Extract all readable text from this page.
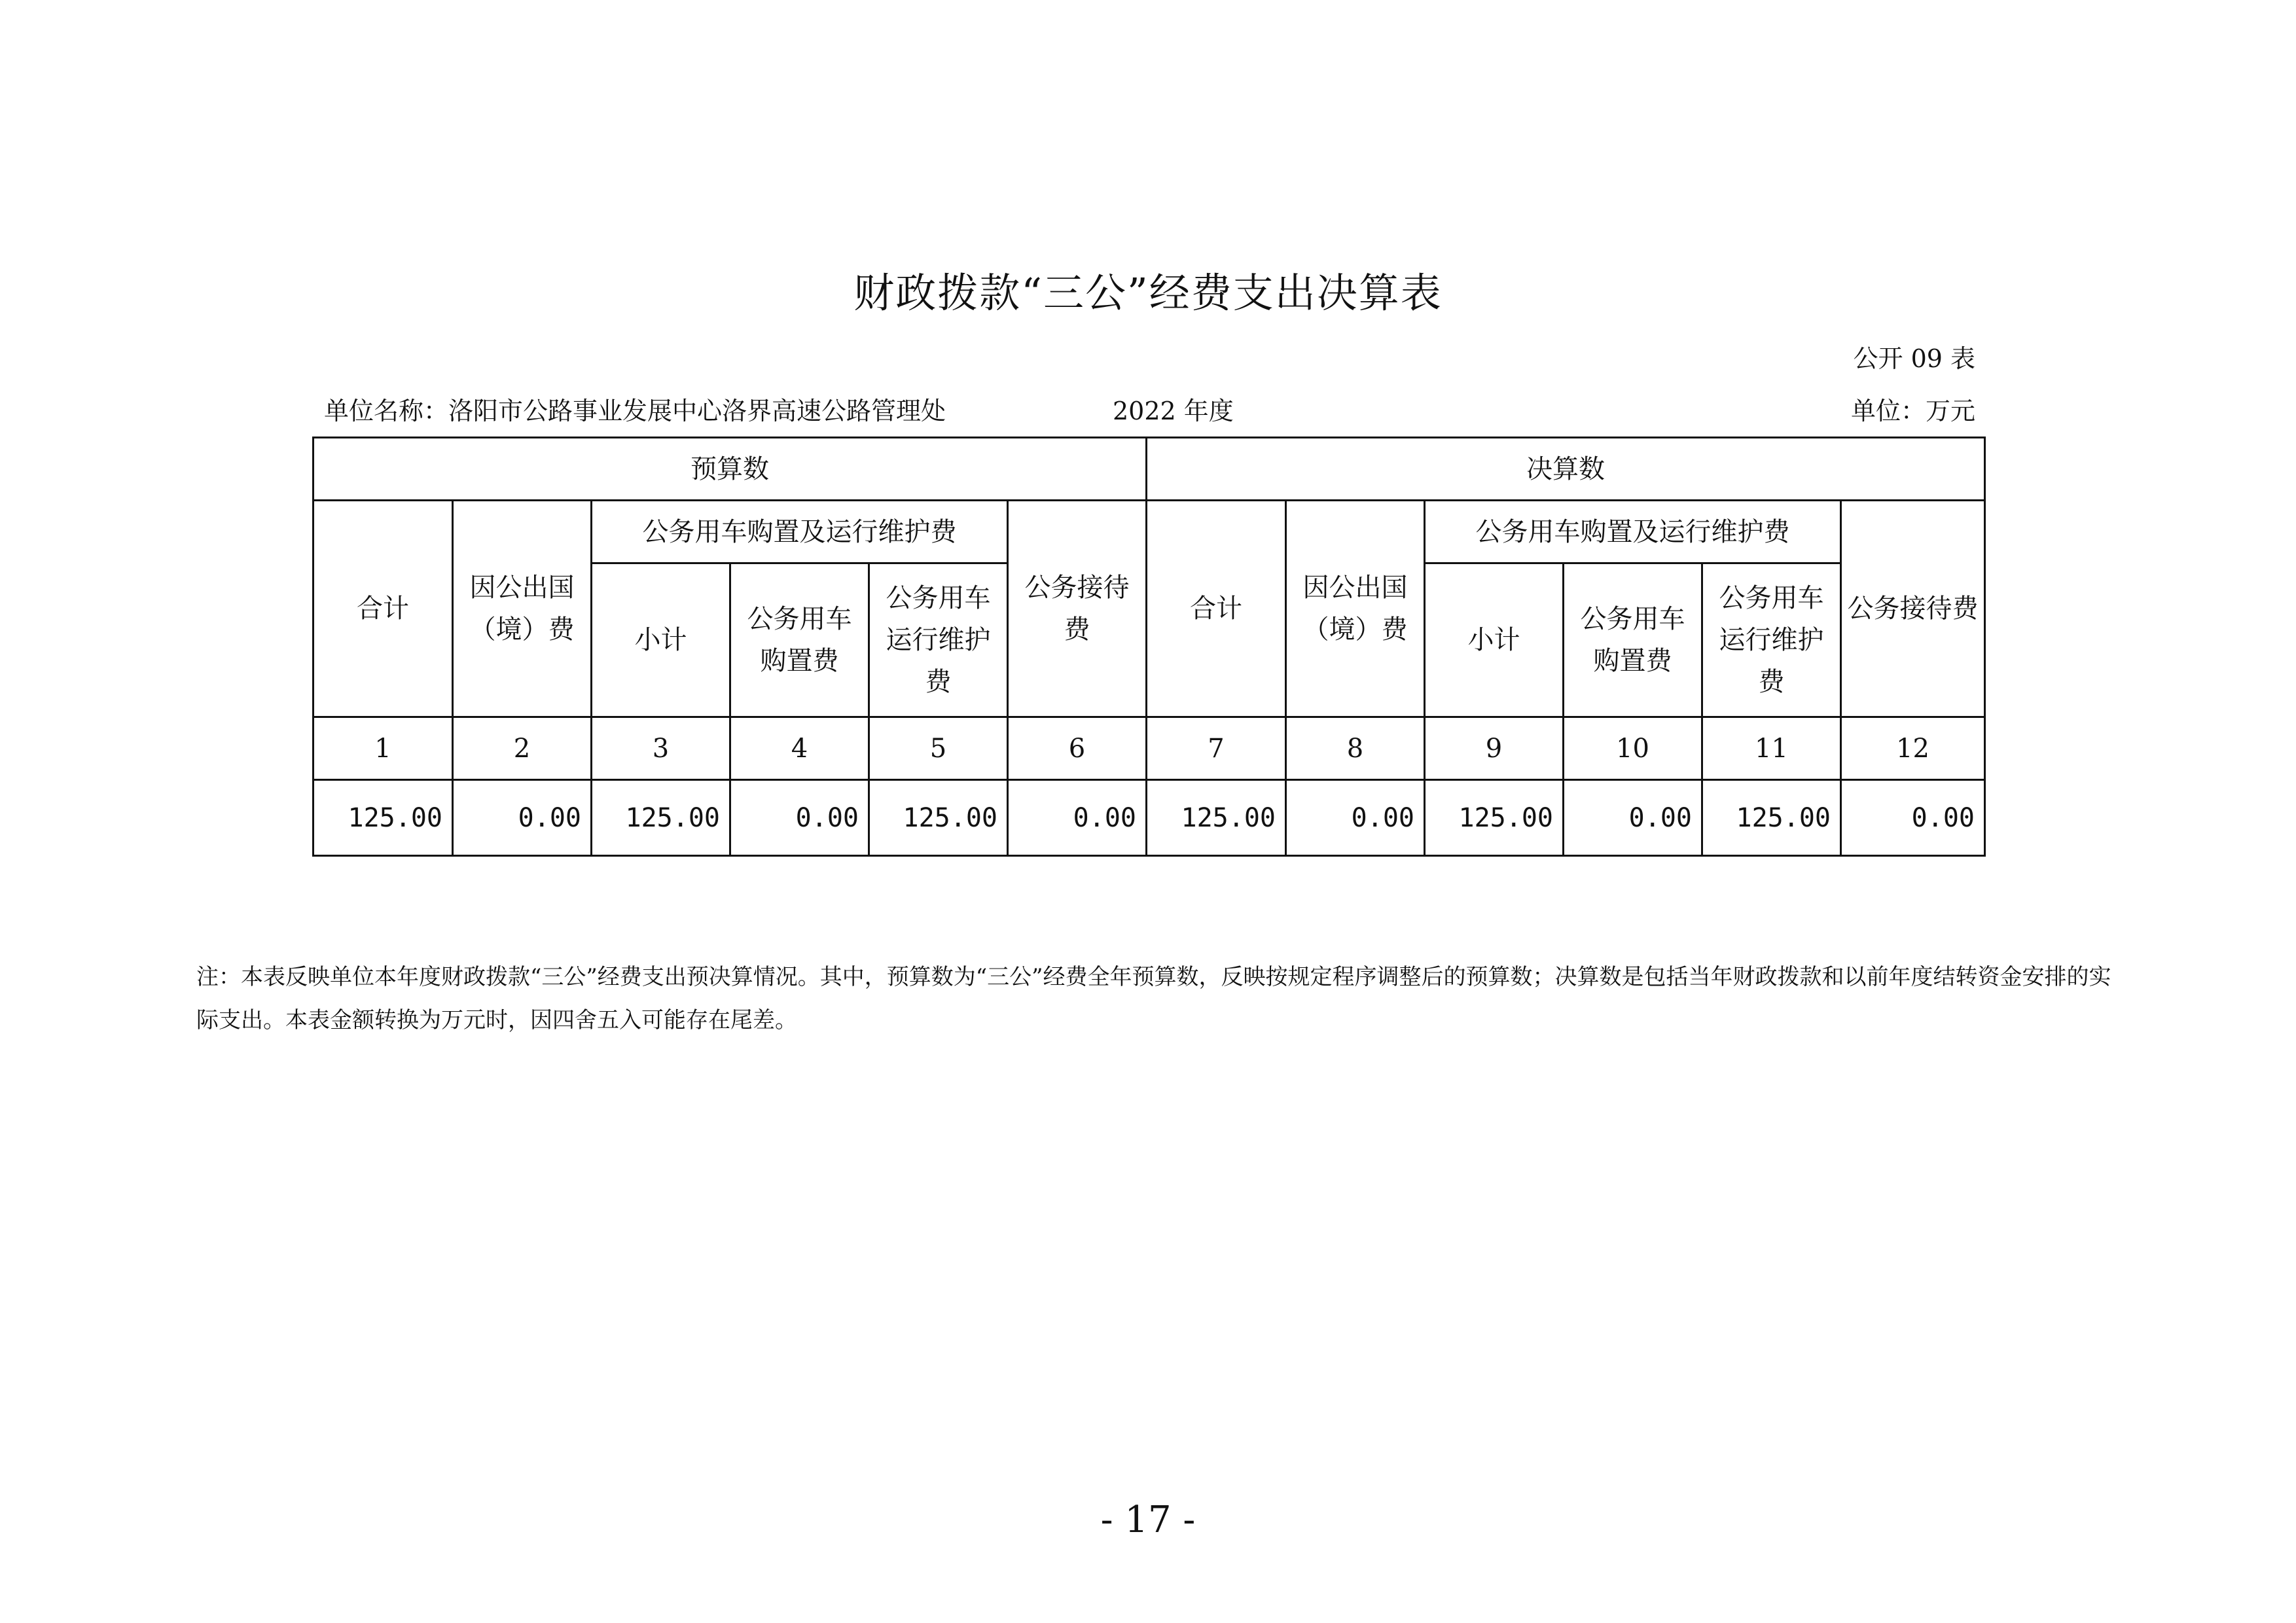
财政拨款“三公”经费支出决算表
公开 09 表
单位名称：洛阳市公路事业发展中心洛界高速公路管理处	2022 年度	单位：万元
预算数						决算数					
合计	因公出国（境）费	公务用车购置及运行维护费			公务接待费	合计	因公出国（境）费	公务用车购置及运行维护费			公务接待费
		小计	公务用车购置费	公务用车运行维护费				小计	公务用车购置费	公务用车运行维护费	
1	2	3	4	5	6	7	8	9	10	11	12
125.00	0.00	125.00	0.00	125.00	0.00	125.00	0.00	125.00	0.00	125.00	0.00
注：本表反映单位本年度财政拨款“三公”经费支出预决算情况。其中，预算数为“三公”经费全年预算数，反映按规定程序调整后的预算数；决算数是包括当年财政拨款和以前年度结转资金安排的实际支出。本表金额转换为万元时，因四舍五入可能存在尾差。
- 17 -
